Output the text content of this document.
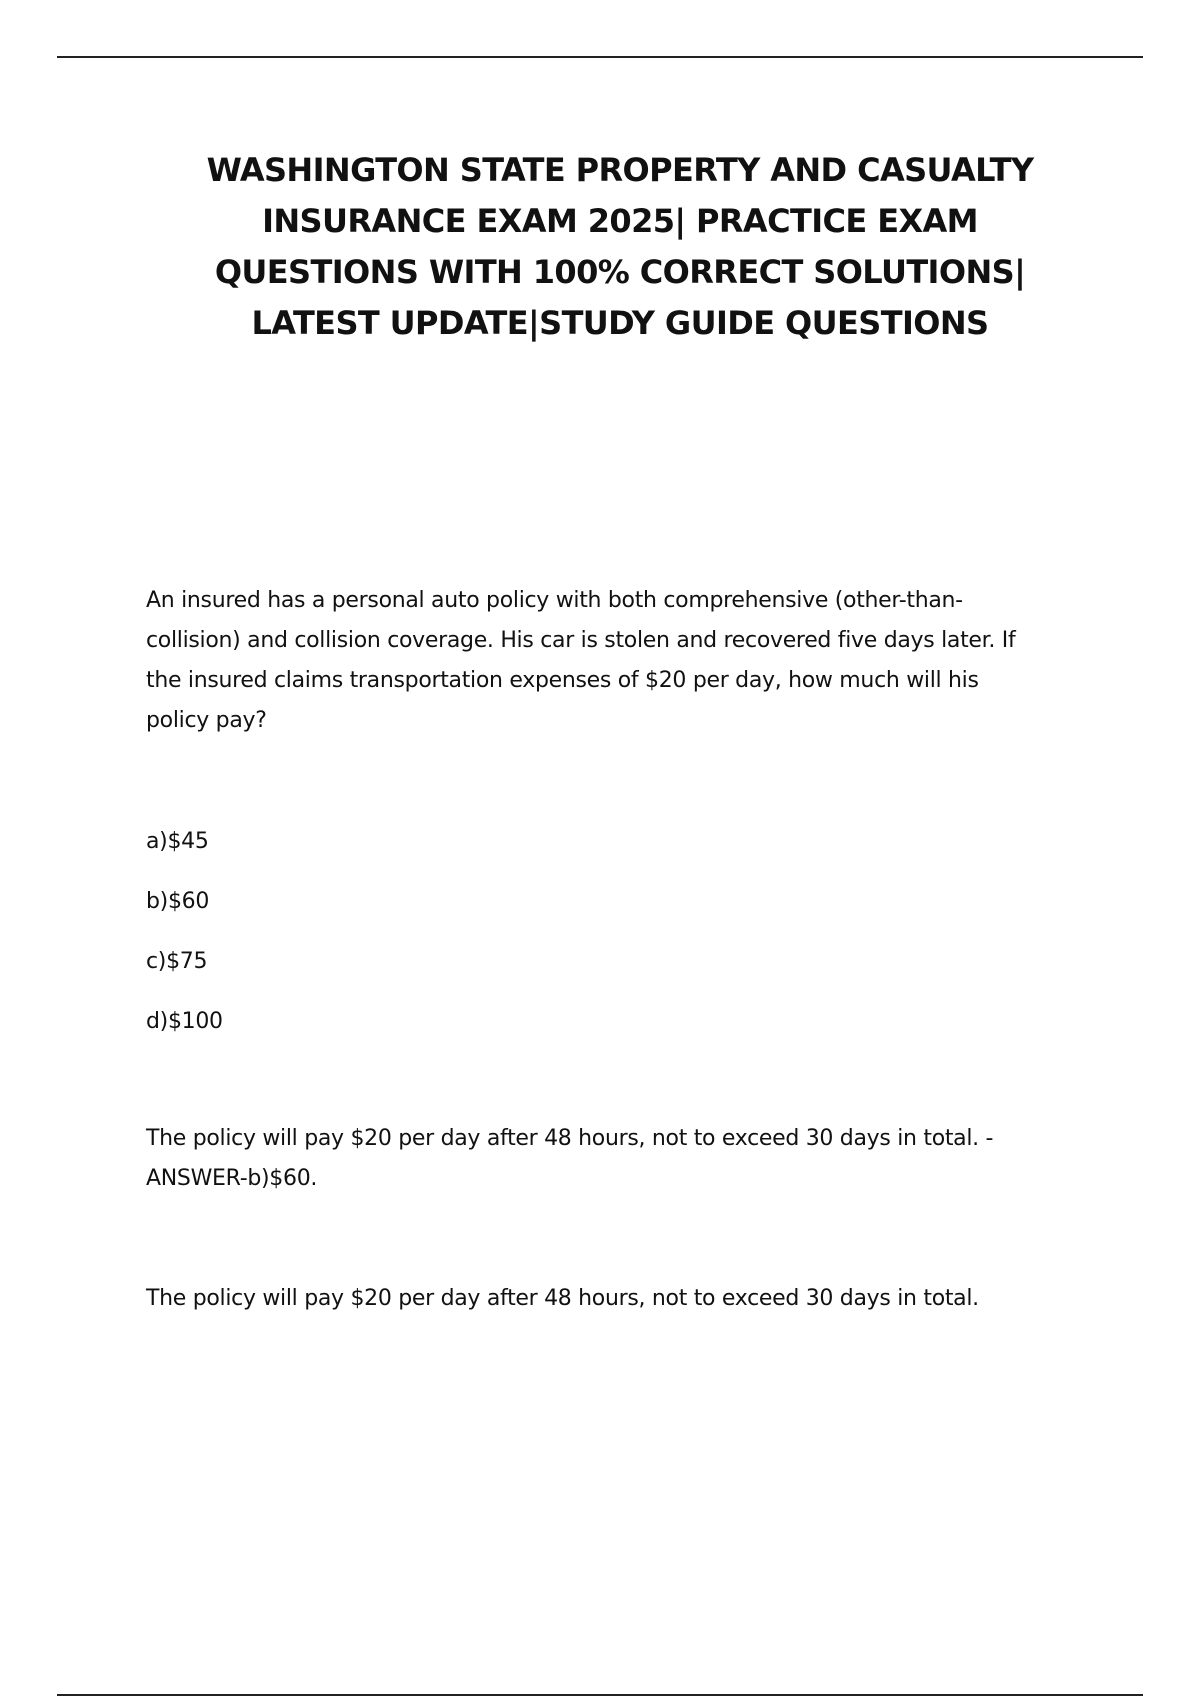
WASHINGTON STATE PROPERTY AND CASUALTY
INSURANCE EXAM 2025| PRACTICE EXAM
QUESTIONS WITH 100% CORRECT SOLUTIONS|
LATEST UPDATE|STUDY GUIDE QUESTIONS

An insured has a personal auto policy with both comprehensive (other-than-
collision) and collision coverage. His car is stolen and recovered five days later. If
the insured claims transportation expenses of $20 per day, how much will his
policy pay?

a)$45
b)$60
c)$75
d)$100

The policy will pay $20 per day after 48 hours, not to exceed 30 days in total. -
ANSWER-b)$60.

The policy will pay $20 per day after 48 hours, not to exceed 30 days in total.
